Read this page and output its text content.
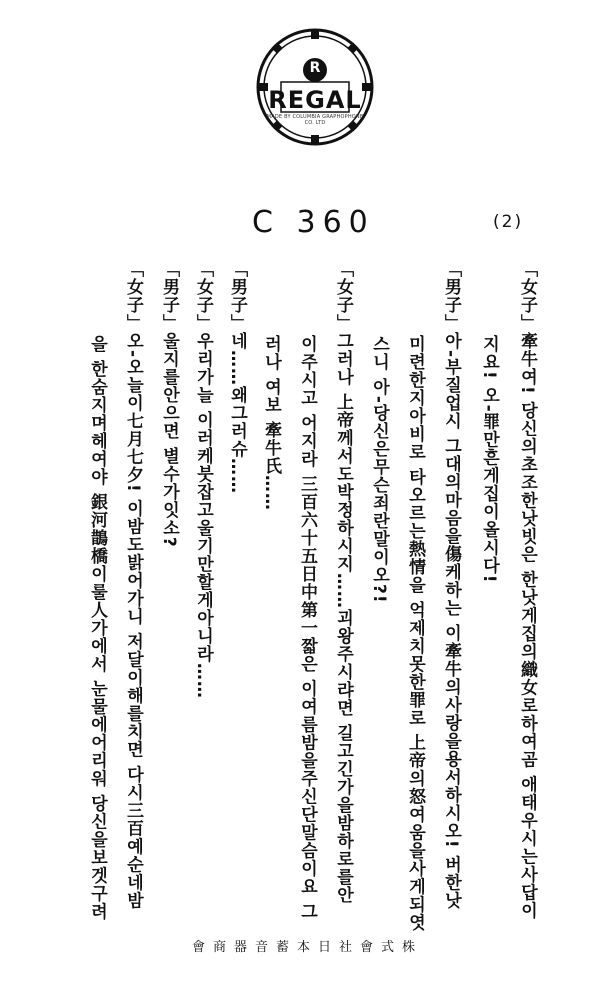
R
REGAL
MADE BY COLUMBIA GRAPHOPHONE CO. LTD
C 360	(2)
「女子」牽牛여! 당신의초조한낫빗은 한낫게집의織女로하여곰 애태우시는사답이
지요! 오-罪만흔게집이올시다!
「男子」아-부질업시 그대의마음을傷케하는 이牽牛의사랑을용서하시오! 버한낫
미련한지아비로 타오르는熱情을 억제치못한罪로 上帝의怒여움을사게되엿
스니 아-당신은무슨죄란말이오?!
「女子」그러나 上帝께서도박정하시지……괴왕주시랴면 길고긴가을밤하로를안
이주시고 어지라 三百六十五日中第一짧은 이여름밤을주신단말슴이요 그
러나 여보 牽牛氏……
「男子」네……왜그러슈……
「女子」우리가늘 이러케붓잡고울기만할게아니라……
「男子」울지를안으면 별수가잇소?
「女子」오-오늘이七月七夕! 이밤도밝어가니 저달이해를치면 다시三百예순네밤
을 한숨지며헤여야 銀河鵲橋이룰人가에서 눈물에어리워 당신을보겟구려
會商器音蓄本日社會式株
